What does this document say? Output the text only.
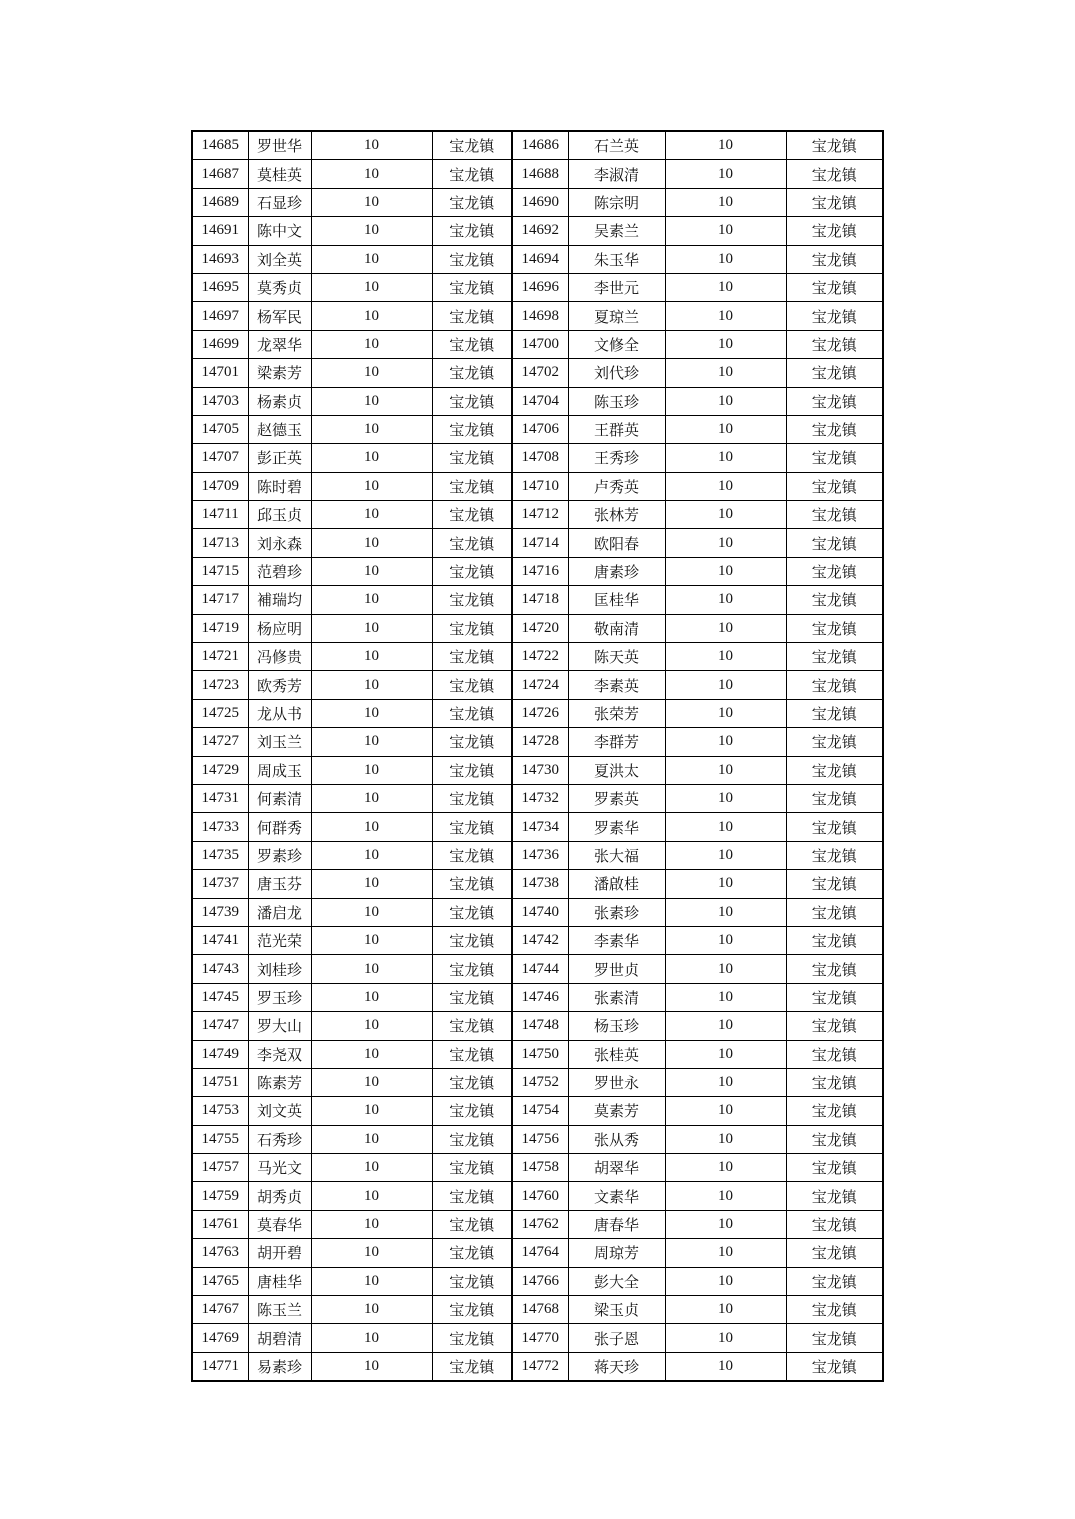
14685	罗世华	10	宝龙镇	14686	石兰英	10	宝龙镇
14687	莫桂英	10	宝龙镇	14688	李淑清	10	宝龙镇
14689	石显珍	10	宝龙镇	14690	陈宗明	10	宝龙镇
14691	陈中文	10	宝龙镇	14692	吴素兰	10	宝龙镇
14693	刘全英	10	宝龙镇	14694	朱玉华	10	宝龙镇
14695	莫秀贞	10	宝龙镇	14696	李世元	10	宝龙镇
14697	杨军民	10	宝龙镇	14698	夏琼兰	10	宝龙镇
14699	龙翠华	10	宝龙镇	14700	文修全	10	宝龙镇
14701	梁素芳	10	宝龙镇	14702	刘代珍	10	宝龙镇
14703	杨素贞	10	宝龙镇	14704	陈玉珍	10	宝龙镇
14705	赵德玉	10	宝龙镇	14706	王群英	10	宝龙镇
14707	彭正英	10	宝龙镇	14708	王秀珍	10	宝龙镇
14709	陈时碧	10	宝龙镇	14710	卢秀英	10	宝龙镇
14711	邱玉贞	10	宝龙镇	14712	张林芳	10	宝龙镇
14713	刘永森	10	宝龙镇	14714	欧阳春	10	宝龙镇
14715	范碧珍	10	宝龙镇	14716	唐素珍	10	宝龙镇
14717	補瑞均	10	宝龙镇	14718	匡桂华	10	宝龙镇
14719	杨应明	10	宝龙镇	14720	敬南清	10	宝龙镇
14721	冯修贵	10	宝龙镇	14722	陈天英	10	宝龙镇
14723	欧秀芳	10	宝龙镇	14724	李素英	10	宝龙镇
14725	龙从书	10	宝龙镇	14726	张荣芳	10	宝龙镇
14727	刘玉兰	10	宝龙镇	14728	李群芳	10	宝龙镇
14729	周成玉	10	宝龙镇	14730	夏洪太	10	宝龙镇
14731	何素清	10	宝龙镇	14732	罗素英	10	宝龙镇
14733	何群秀	10	宝龙镇	14734	罗素华	10	宝龙镇
14735	罗素珍	10	宝龙镇	14736	张大福	10	宝龙镇
14737	唐玉芬	10	宝龙镇	14738	潘啟桂	10	宝龙镇
14739	潘启龙	10	宝龙镇	14740	张素珍	10	宝龙镇
14741	范光荣	10	宝龙镇	14742	李素华	10	宝龙镇
14743	刘桂珍	10	宝龙镇	14744	罗世贞	10	宝龙镇
14745	罗玉珍	10	宝龙镇	14746	张素清	10	宝龙镇
14747	罗大山	10	宝龙镇	14748	杨玉珍	10	宝龙镇
14749	李尧双	10	宝龙镇	14750	张桂英	10	宝龙镇
14751	陈素芳	10	宝龙镇	14752	罗世永	10	宝龙镇
14753	刘文英	10	宝龙镇	14754	莫素芳	10	宝龙镇
14755	石秀珍	10	宝龙镇	14756	张从秀	10	宝龙镇
14757	马光文	10	宝龙镇	14758	胡翠华	10	宝龙镇
14759	胡秀贞	10	宝龙镇	14760	文素华	10	宝龙镇
14761	莫春华	10	宝龙镇	14762	唐春华	10	宝龙镇
14763	胡开碧	10	宝龙镇	14764	周琼芳	10	宝龙镇
14765	唐桂华	10	宝龙镇	14766	彭大全	10	宝龙镇
14767	陈玉兰	10	宝龙镇	14768	梁玉贞	10	宝龙镇
14769	胡碧清	10	宝龙镇	14770	张子恩	10	宝龙镇
14771	易素珍	10	宝龙镇	14772	蒋天珍	10	宝龙镇
